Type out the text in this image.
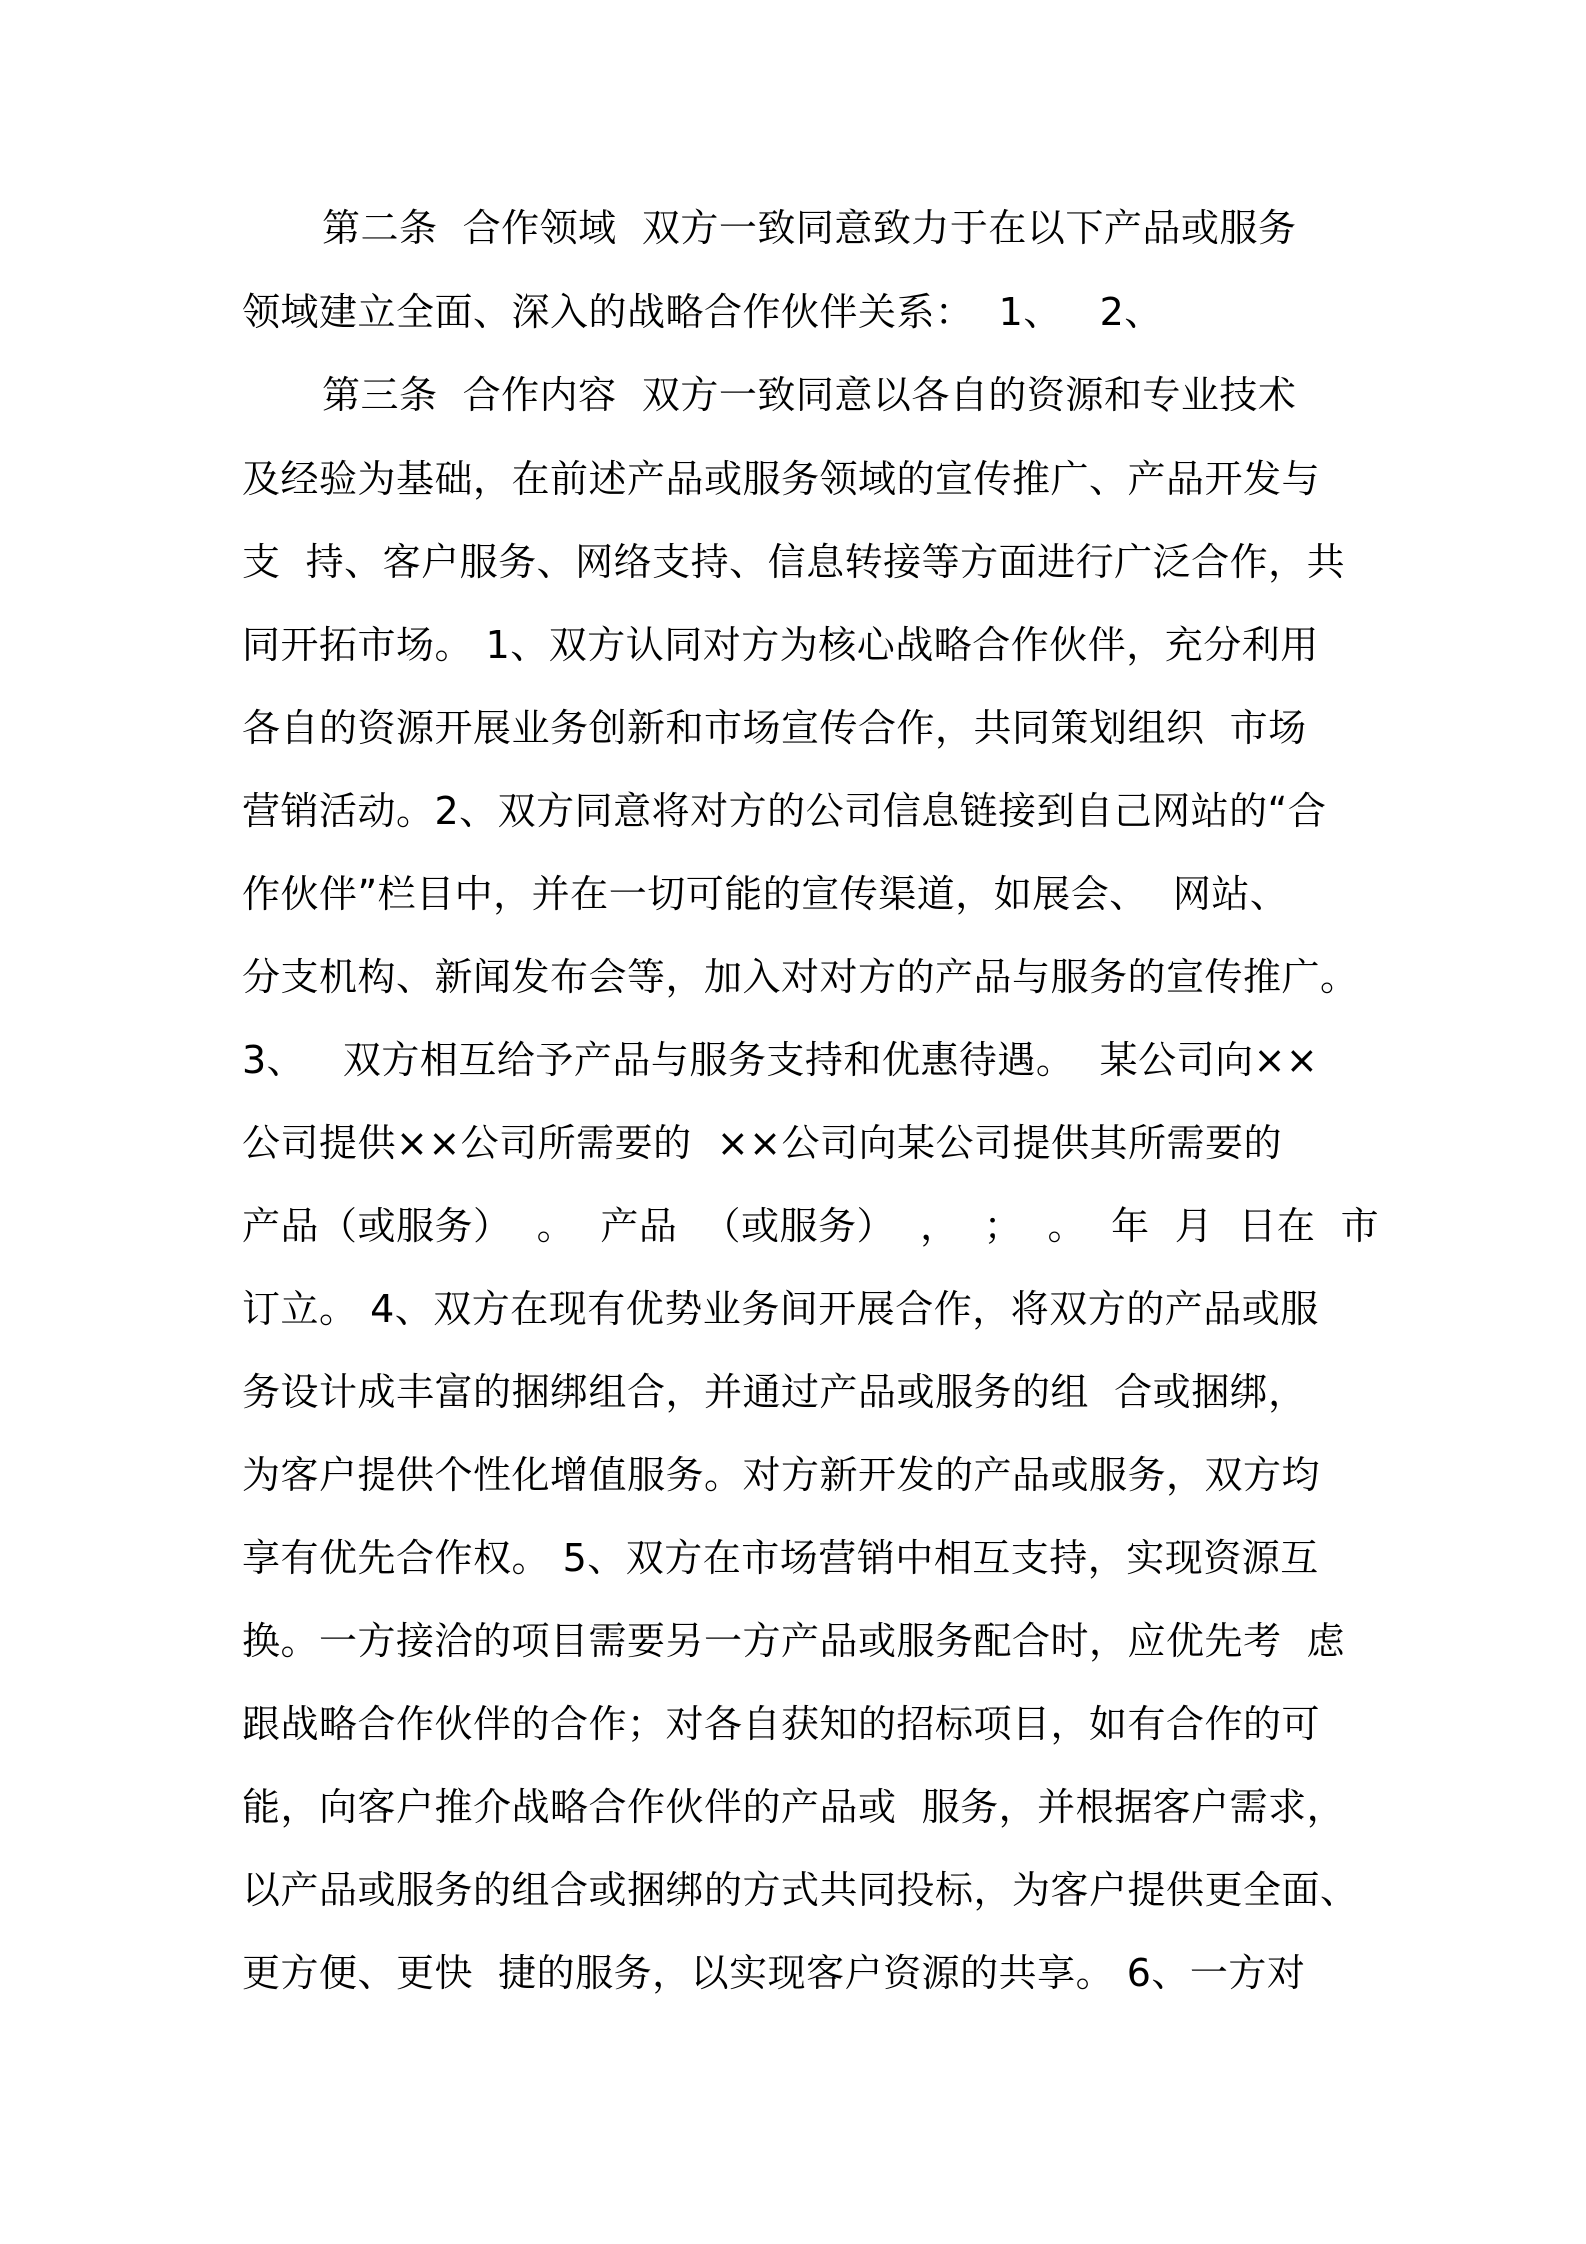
第二条  合作领域  双方一致同意致力于在以下产品或服务
领域建立全面、深入的战略合作伙伴关系：  1、   2、
第三条  合作内容  双方一致同意以各自的资源和专业技术
及经验为基础，在前述产品或服务领域的宣传推广、产品开发与
支  持、客户服务、网络支持、信息转接等方面进行广泛合作，共
同开拓市场。 1、双方认同对方为核心战略合作伙伴，充分利用
各自的资源开展业务创新和市场宣传合作，共同策划组织  市场
营销活动。2、双方同意将对方的公司信息链接到自己网站的“合
作伙伴”栏目中，并在一切可能的宣传渠道，如展会、  网站、
分支机构、新闻发布会等，加入对对方的产品与服务的宣传推广。
3、   双方相互给予产品与服务支持和优惠待遇。  某公司向××
公司提供××公司所需要的  ××公司向某公司提供其所需要的
产品（或服务）  。  产品  （或服务）  ，  ；  。  年  月  日在  市
订立。 4、双方在现有优势业务间开展合作，将双方的产品或服
务设计成丰富的捆绑组合，并通过产品或服务的组  合或捆绑，
为客户提供个性化增值服务。对方新开发的产品或服务，双方均
享有优先合作权。 5、双方在市场营销中相互支持，实现资源互
换。一方接洽的项目需要另一方产品或服务配合时，应优先考  虑
跟战略合作伙伴的合作；对各自获知的招标项目，如有合作的可
能，向客户推介战略合作伙伴的产品或  服务，并根据客户需求，
以产品或服务的组合或捆绑的方式共同投标，为客户提供更全面、
更方便、更快  捷的服务，以实现客户资源的共享。 6、一方对
